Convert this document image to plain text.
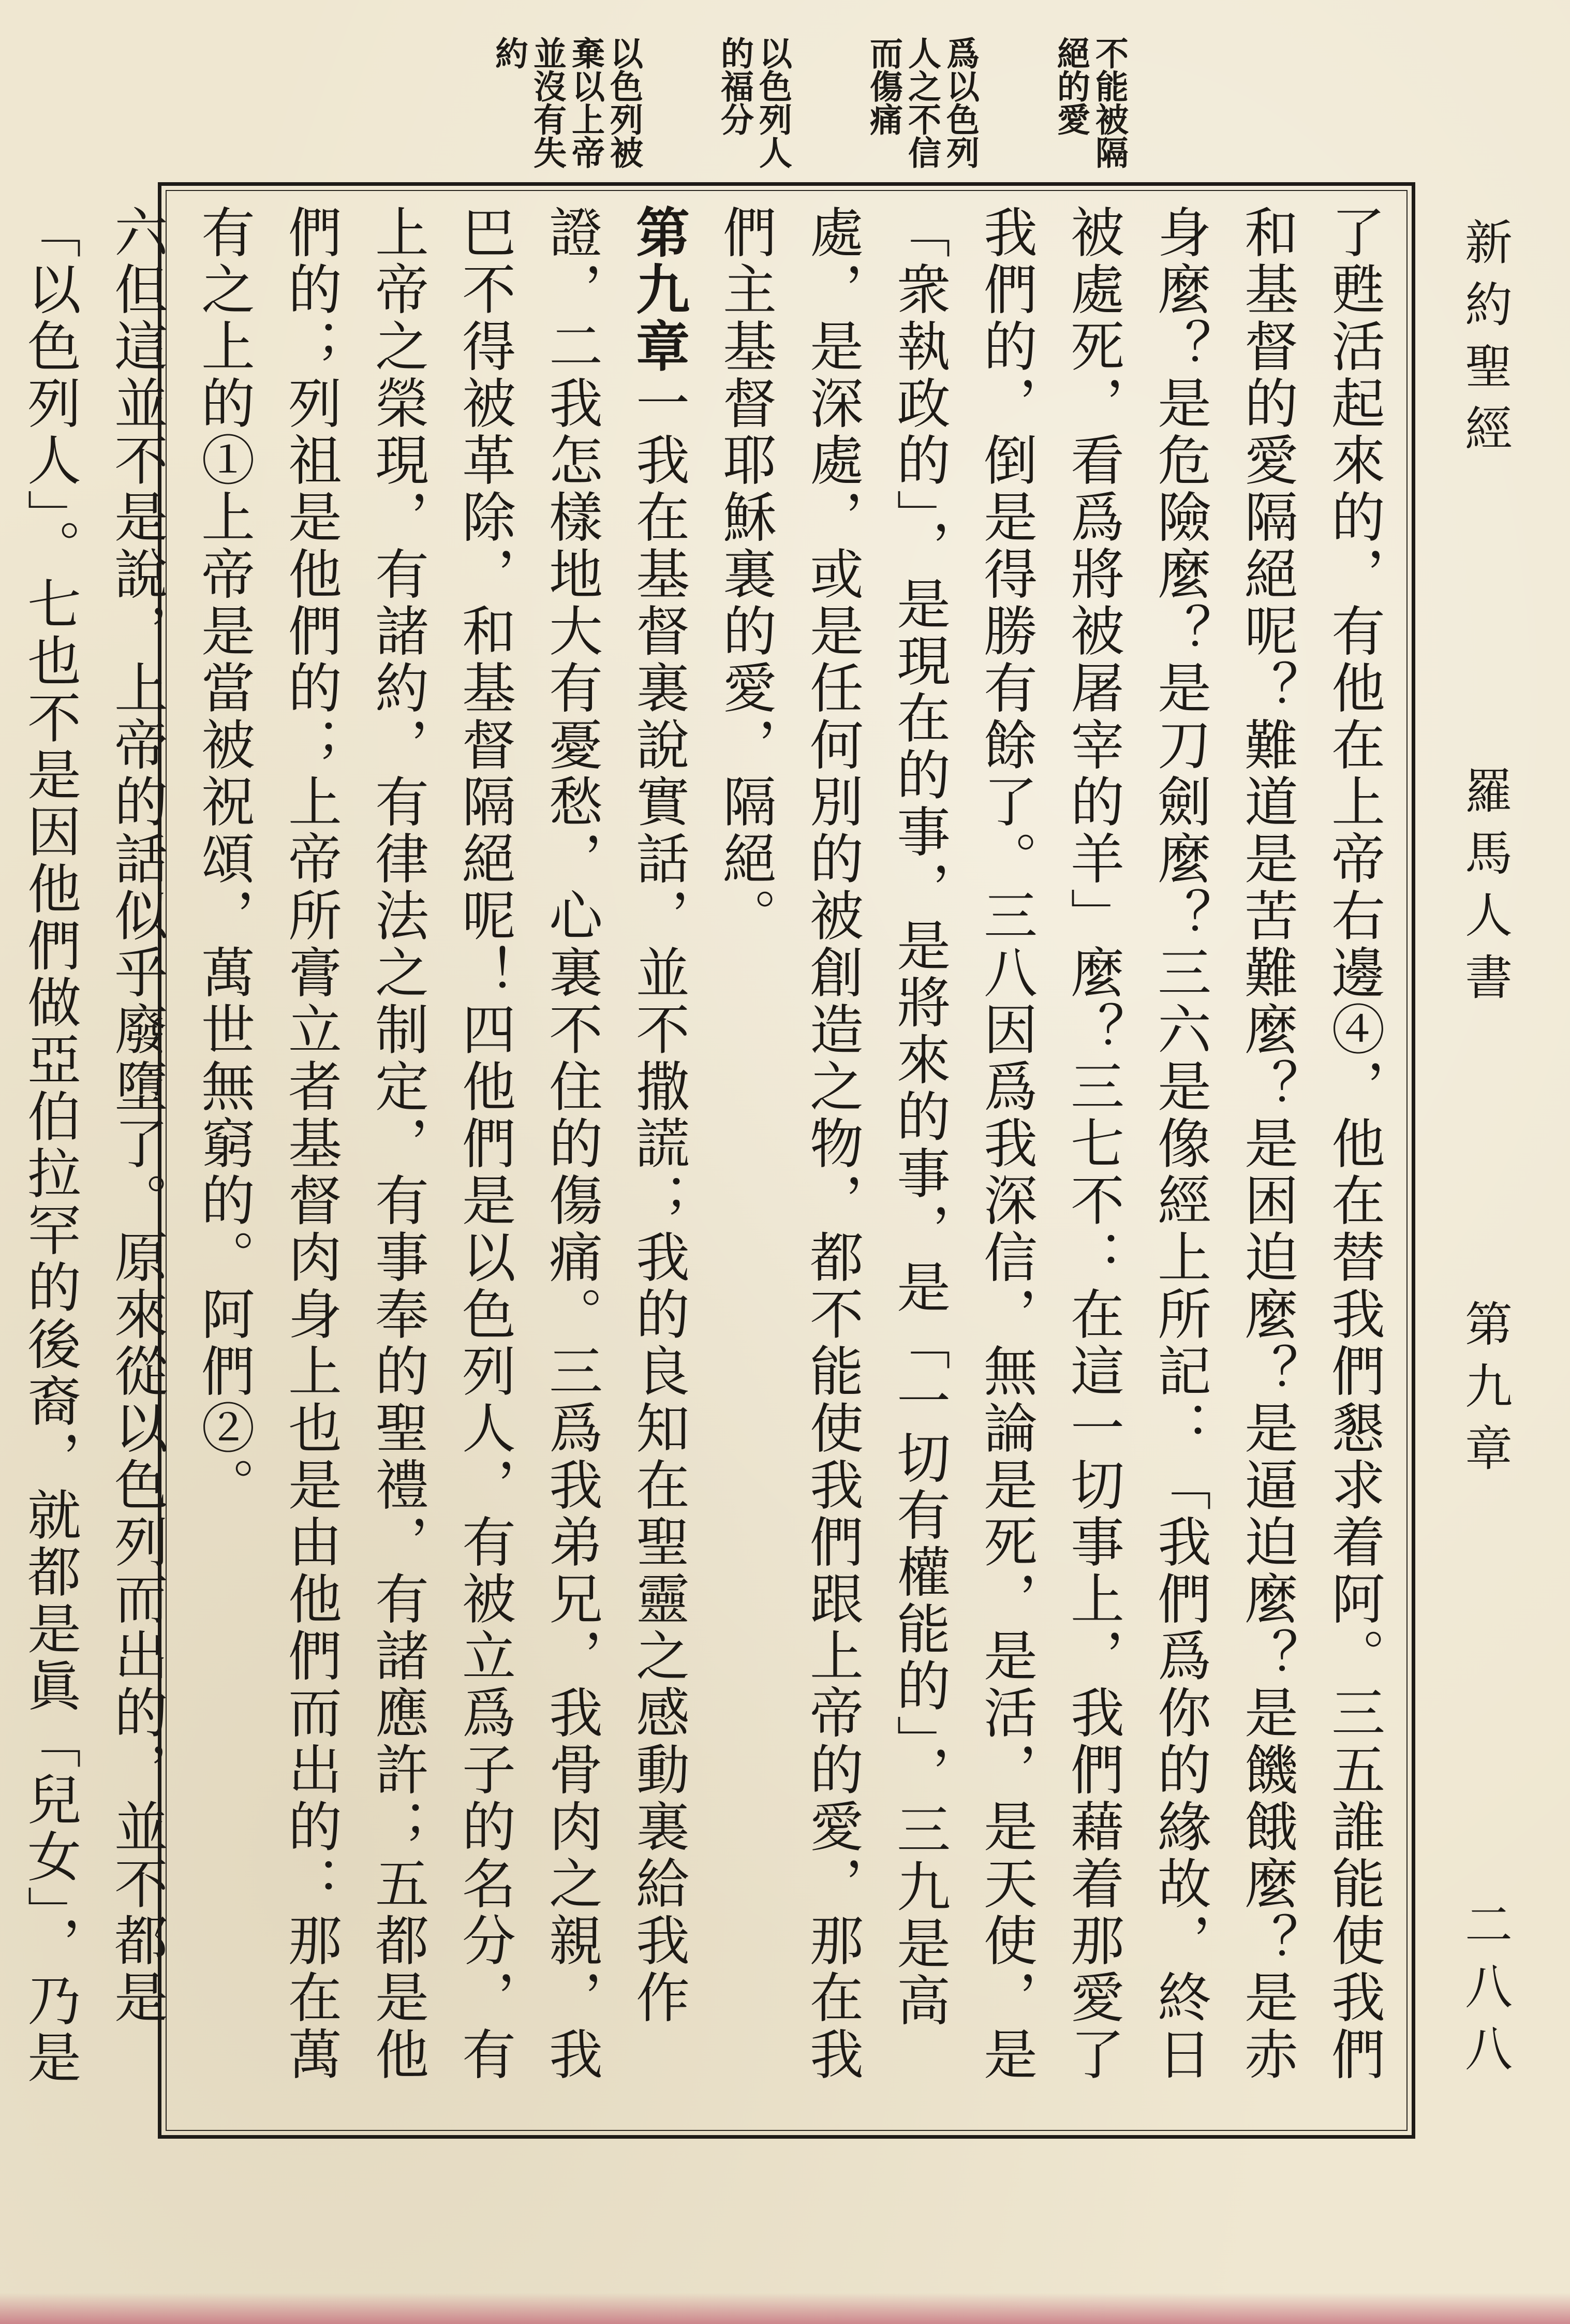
不能被隔
絕的愛
爲以色列
人之不信
而傷痛
以色列人
的福分
以色列被
棄以上帝
並沒有失約
新約聖經
羅馬人書
第九章
二八八

了甦活起來的，有他在上帝右邊④，他在替我們懇求着阿。三五誰能使我們和基督的愛隔絕呢？難道是苦難麼？是困迫麼？是逼迫麼？是饑餓麼？是赤身麼？是危險麼？是刀劍麼？三六是像經上所記：「我們爲你的緣故，終日被處死，看爲將被屠宰的羊」麼？三七不：在這一切事上，我們藉着那愛了我們的，倒是得勝有餘了。三八因爲我深信，無論是死，是活，是天使，是「衆執政的」，是現在的事，是將來的事，是「一切有權能的」，三九是高處，是深處，或是任何別的被創造之物，都不能使我們跟上帝的愛，那在我們主基督耶穌裏的愛，隔絕。

第九章一我在基督裏說實話，並不撒謊；我的良知在聖靈之感動裏給我作證，二我怎樣地大有憂愁，心裏不住的傷痛。三爲我弟兄，我骨肉之親，我巴不得被革除，和基督隔絕呢！四他們是以色列人，有被立爲子的名分，有上帝之榮現，有諸約，有律法之制定，有事奉的聖禮，有諸應許；五都是他們的；列祖是他們的；上帝所膏立者基督肉身上也是由他們而出的：那在萬有之上的①上帝是當被祝頌，萬世無窮的。阿們②。

六但這並不是說，上帝的話似乎廢墮了。原來從以色列而出的，並不都是「以色列人」。七也不是因他們做亞伯拉罕的後裔，就都是眞「兒女」，乃是
